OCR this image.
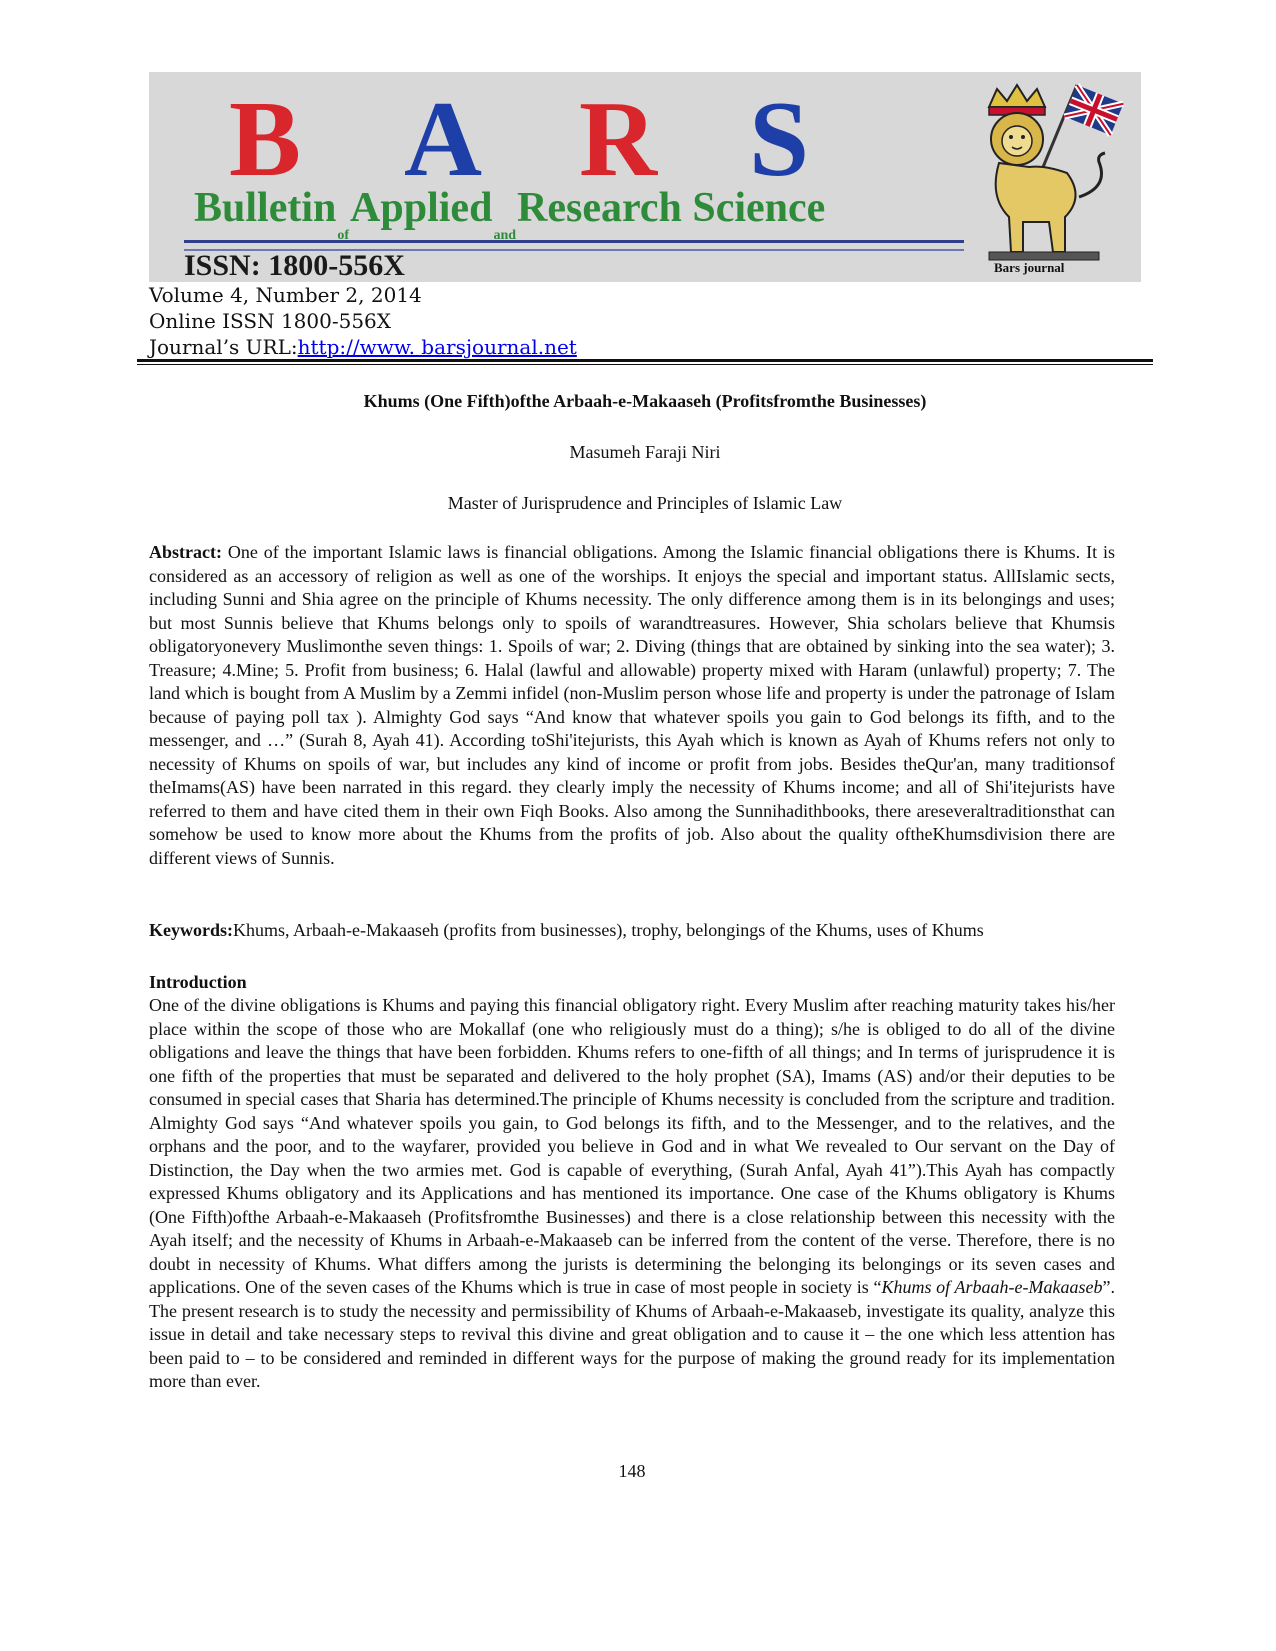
B A R S
Bulletin$_{of}$Applied$_{and}$Research Science
ISSN: 1800-556X	Bars journal
Volume 4, Number 2, 2014
Online ISSN 1800-556X
Journal’s URL:http://www. barsjournal.net
Khums (One Fifth)ofthe Arbaah-e-Makaaseh (Profitsfromthe Businesses)
Masumeh Faraji Niri
Master of Jurisprudence and Principles of Islamic Law

Abstract: One of the important Islamic laws is financial obligations. Among the Islamic financial obligations there is Khums. It is considered as an accessory of religion as well as one of the worships. It enjoys the special and important status. AllIslamic sects, including Sunni and Shia agree on the principle of Khums necessity. The only difference among them is in its belongings and uses; but most Sunnis believe that Khums belongs only to spoils of warandtreasures. However, Shia scholars believe that Khumsis obligatoryonevery Muslimonthe seven things: 1. Spoils of war; 2. Diving (things that are obtained by sinking into the sea water); 3. Treasure; 4.Mine; 5. Profit from business; 6. Halal (lawful and allowable) property mixed with Haram (unlawful) property; 7. The land which is bought from A Muslim by a Zemmi infidel (non-Muslim person whose life and property is under the patronage of Islam because of paying poll tax ). Almighty God says “And know that whatever spoils you gain to God belongs its fifth, and to the messenger, and …” (Surah 8, Ayah 41). According toShi'itejurists, this Ayah which is known as Ayah of Khums refers not only to necessity of Khums on spoils of war, but includes any kind of income or profit from jobs. Besides theQur'an, many traditionsof theImams(AS) have been narrated in this regard. they clearly imply the necessity of Khums income; and all of Shi'itejurists have referred to them and have cited them in their own Fiqh Books. Also among the Sunnihadithbooks, there areseveraltraditionsthat can somehow be used to know more about the Khums from the profits of job. Also about the quality oftheKhumsdivision there are different views of Sunnis.

Keywords:Khums, Arbaah-e-Makaaseh (profits from businesses), trophy, belongings of the Khums, uses of Khums

Introduction

One of the divine obligations is Khums and paying this financial obligatory right. Every Muslim after reaching maturity takes his/her place within the scope of those who are Mokallaf (one who religiously must do a thing); s/he is obliged to do all of the divine obligations and leave the things that have been forbidden. Khums refers to one-fifth of all things; and In terms of jurisprudence it is one fifth of the properties that must be separated and delivered to the holy prophet (SA), Imams (AS) and/or their deputies to be consumed in special cases that Sharia has determined.The principle of Khums necessity is concluded from the scripture and tradition. Almighty God says “And whatever spoils you gain, to God belongs its fifth, and to the Messenger, and to the relatives, and the orphans and the poor, and to the wayfarer, provided you believe in God and in what We revealed to Our servant on the Day of Distinction, the Day when the two armies met. God is capable of everything, (Surah Anfal, Ayah 41”).This Ayah has compactly expressed Khums obligatory and its Applications and has mentioned its importance. One case of the Khums obligatory is Khums (One Fifth)ofthe Arbaah-e-Makaaseh (Profitsfromthe Businesses) and there is a close relationship between this necessity with the Ayah itself; and the necessity of Khums in Arbaah-e-Makaaseb can be inferred from the content of the verse. Therefore, there is no doubt in necessity of Khums. What differs among the jurists is determining the belonging its belongings or its seven cases and applications. One of the seven cases of the Khums which is true in case of most people in society is “Khums of Arbaah-e-Makaaseb”. The present research is to study the necessity and permissibility of Khums of Arbaah-e-Makaaseb, investigate its quality, analyze this issue in detail and take necessary steps to revival this divine and great obligation and to cause it – the one which less attention has been paid to – to be considered and reminded in different ways for the purpose of making the ground ready for its implementation more than ever.

148
